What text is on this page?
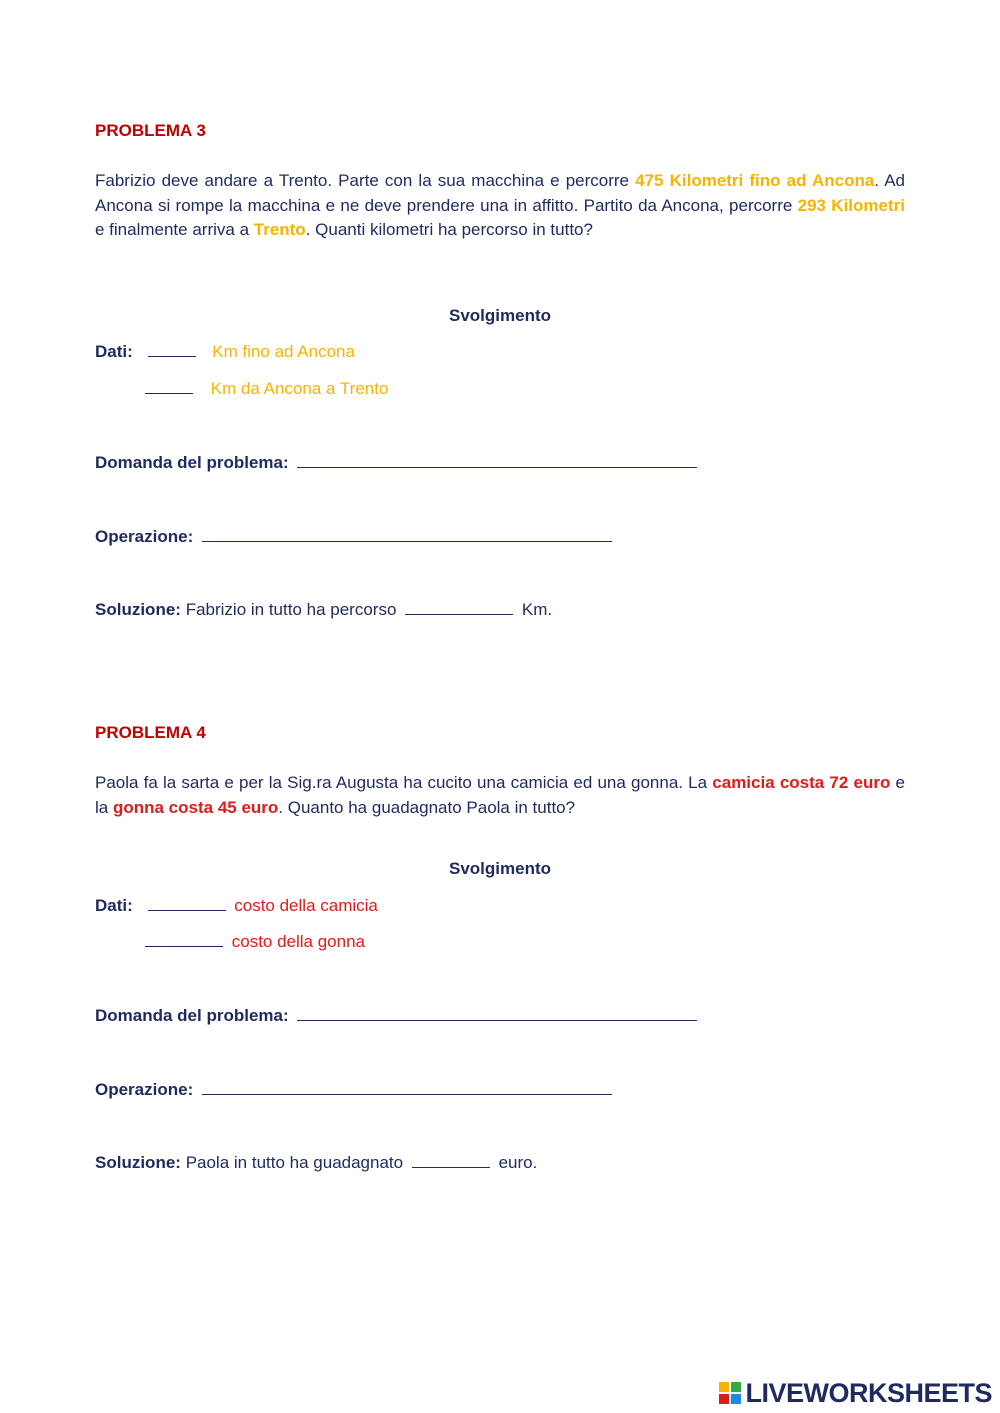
PROBLEMA 3
Fabrizio deve andare a Trento. Parte con la sua macchina e percorre 475 Kilometri fino ad Ancona. Ad Ancona si rompe la macchina e ne deve prendere una in affitto. Partito da Ancona, percorre 293 Kilometri e finalmente arriva a Trento. Quanti kilometri ha percorso in tutto?
Svolgimento
Dati:	Km fino ad Ancona
Km da Ancona a Trento
Domanda del problema:
Operazione:
Soluzione: Fabrizio in tutto ha percorso	Km.
PROBLEMA 4
Paola fa la sarta e per la Sig.ra Augusta ha cucito una camicia ed una gonna. La camicia costa 72 euro e la gonna costa 45 euro. Quanto ha guadagnato Paola in tutto?
Svolgimento
Dati:	costo della camicia
costo della gonna
Domanda del problema:
Operazione:
Soluzione: Paola in tutto ha guadagnato	euro.
LIVEWORKSHEETS
